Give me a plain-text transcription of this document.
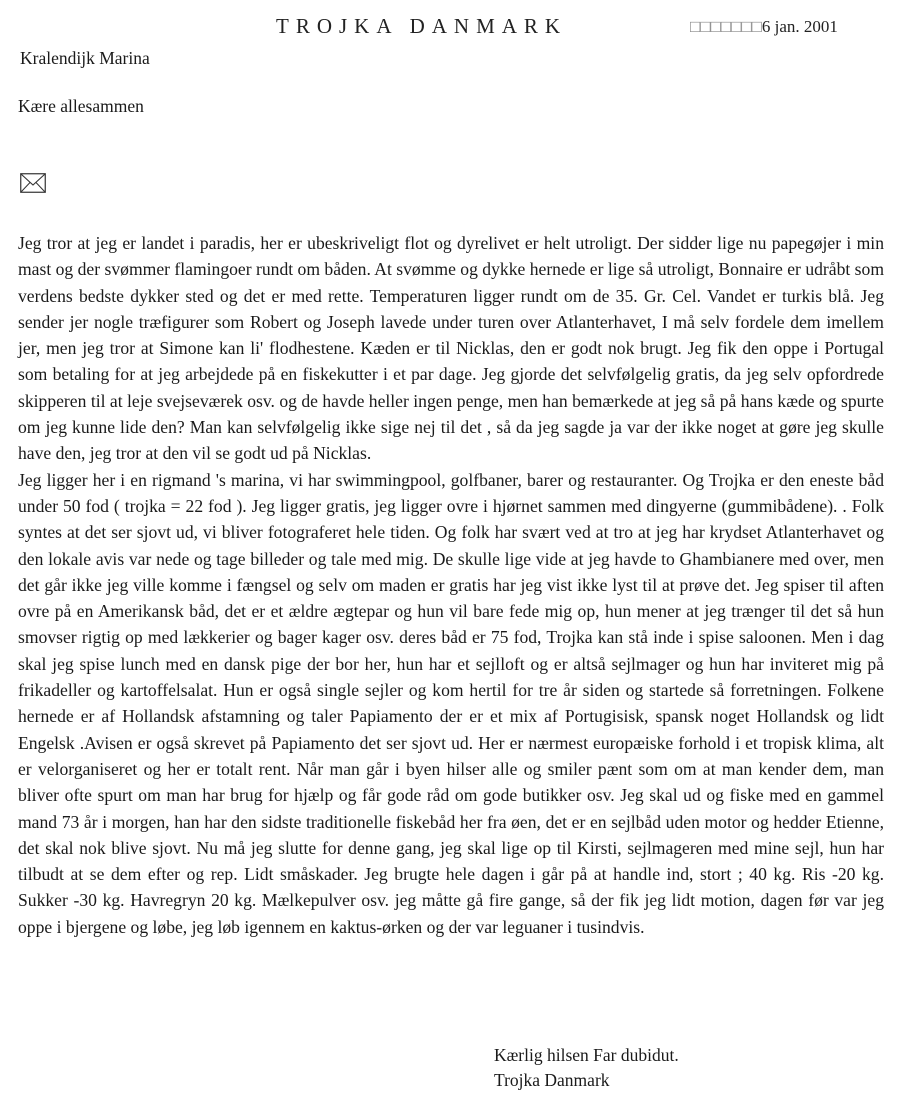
TROJKA DANMARK	□□□□□□□6 jan. 2001
Kralendijk Marina
Kære allesammen

Jeg tror at jeg er landet i paradis, her er ubeskriveligt flot og dyrelivet er helt utroligt. Der sidder lige nu papegøjer i min mast og der svømmer flamingoer rundt om båden. At svømme og dykke hernede er lige så utroligt, Bonnaire er udråbt som verdens bedste dykker sted og det er med rette. Temperaturen ligger rundt om de 35. Gr. Cel. Vandet er turkis blå. Jeg sender jer nogle træfigurer som Robert og Joseph lavede under turen over Atlanterhavet, I må selv fordele dem imellem jer, men jeg tror at Simone kan li' flodhestene. Kæden er til Nicklas, den er godt nok brugt. Jeg fik den oppe i Portugal som betaling for at jeg arbejdede på en fiskekutter i et par dage. Jeg gjorde det selvfølgelig gratis, da jeg selv opfordrede skipperen til at leje svejseværek osv. og de havde heller ingen penge, men han bemærkede at jeg så på hans kæde og spurte om jeg kunne lide den? Man kan selvfølgelig ikke sige nej til det , så da jeg sagde ja var der ikke noget at gøre jeg skulle have den, jeg tror at den vil se godt ud på Nicklas.

Jeg ligger her i en rigmand 's marina, vi har swimmingpool, golfbaner, barer og restauranter. Og Trojka er den eneste båd under 50 fod ( trojka = 22 fod ). Jeg ligger gratis, jeg ligger ovre i hjørnet sammen med dingyerne (gummibådene). . Folk syntes at det ser sjovt ud, vi bliver fotograferet hele tiden. Og folk har svært ved at tro at jeg har krydset Atlanterhavet og den lokale avis var nede og tage billeder og tale med mig. De skulle lige vide at jeg havde to Ghambianere med over, men det går ikke jeg ville komme i fængsel og selv om maden er gratis har jeg vist ikke lyst til at prøve det. Jeg spiser til aften ovre på en Amerikansk båd, det er et ældre ægtepar og hun vil bare fede mig op, hun mener at jeg trænger til det så hun smovser rigtig op med lækkerier og bager kager osv. deres båd er 75 fod, Trojka kan stå inde i spise saloonen. Men i dag skal jeg spise lunch med en dansk pige der bor her, hun har et sejlloft og er altså sejlmager og hun har inviteret mig på frikadeller og kartoffelsalat. Hun er også single sejler og kom hertil for tre år siden og startede så forretningen. Folkene hernede er af Hollandsk afstamning og taler Papiamento der er et mix af Portugisisk, spansk noget Hollandsk og lidt Engelsk .Avisen er også skrevet på Papiamento det ser sjovt ud. Her er nærmest europæiske forhold i et tropisk klima, alt er velorganiseret og her er totalt rent. Når man går i byen hilser alle og smiler pænt som om at man kender dem, man bliver ofte spurt om man har brug for hjælp og får gode råd om gode butikker osv. Jeg skal ud og fiske med en gammel mand 73 år i morgen, han har den sidste traditionelle fiskebåd her fra øen, det er en sejlbåd uden motor og hedder Etienne, det skal nok blive sjovt. Nu må jeg slutte for denne gang, jeg skal lige op til Kirsti, sejlmageren med mine sejl, hun har tilbudt at se dem efter og rep. Lidt småskader. Jeg brugte hele dagen i går på at handle ind, stort ; 40 kg. Ris -20 kg. Sukker -30 kg. Havregryn 20 kg. Mælkepulver osv. jeg måtte gå fire gange, så der fik jeg lidt motion, dagen før var jeg oppe i bjergene og løbe, jeg løb igennem en kaktus-ørken og der var leguaner i tusindvis.

Kærlig hilsen Far dubidut.
Trojka Danmark
